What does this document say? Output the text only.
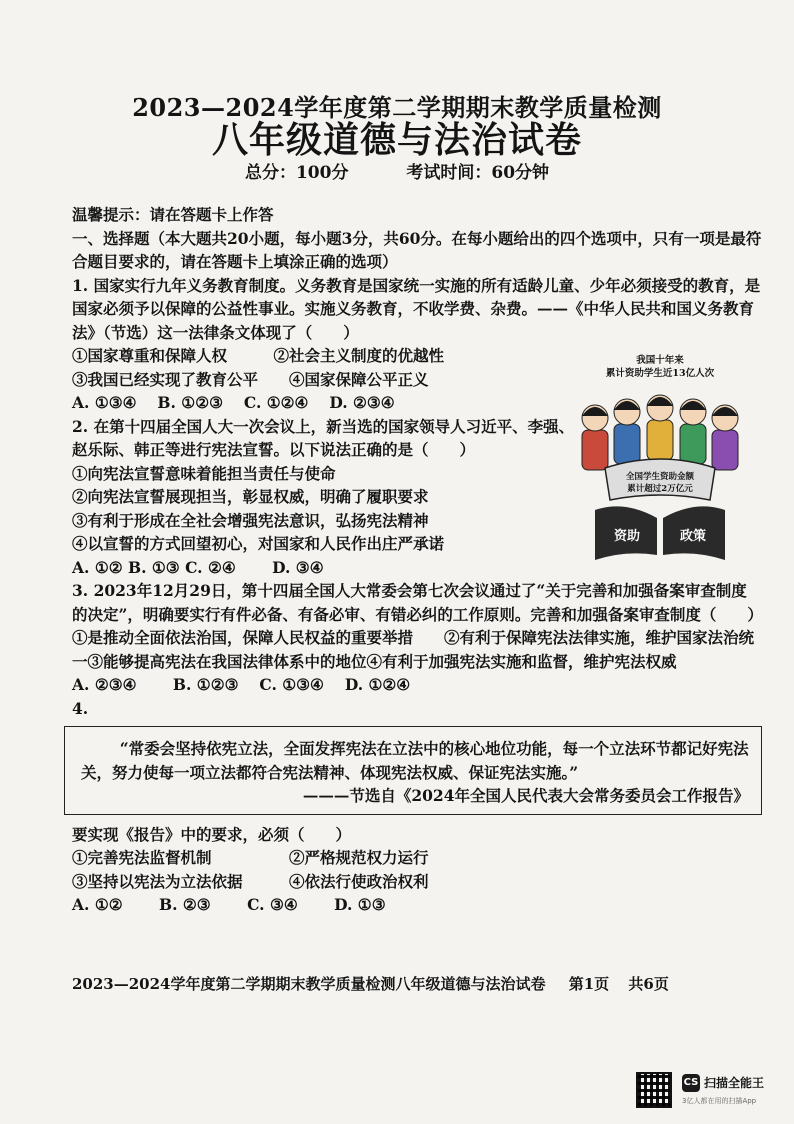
2023—2024学年度第二学期期末教学质量检测
八年级道德与法治试卷
总分：100分	考试时间：60分钟

温馨提示：请在答题卡上作答

一、选择题（本大题共20小题，每小题3分，共60分。在每小题给出的四个选项中，只有一项是最符合题目要求的，请在答题卡上填涂正确的选项）

1. 国家实行九年义务教育制度。义务教育是国家统一实施的所有适龄儿童、少年必须接受的教育，是国家必须予以保障的公益性事业。实施义务教育，不收学费、杂费。——《中华人民共和国义务教育法》（节选）这一法律条文体现了（　　）

①国家尊重和保障人权　　　②社会主义制度的优越性

③我国已经实现了教育公平　　④国家保障公平正义

A. ①③④　 B. ①②③　 C. ①②④　 D. ②③④

2. 在第十四届全国人大一次会议上，新当选的国家领导人习近平、李强、赵乐际、韩正等进行宪法宣誓。以下说法正确的是（　　）

①向宪法宣誓意味着能担当责任与使命

②向宪法宣誓展现担当，彰显权威，明确了履职要求

③有利于形成在全社会增强宪法意识，弘扬宪法精神

④以宣誓的方式回望初心，对国家和人民作出庄严承诺

A. ①② B. ①③ C. ②④　　 D. ③④

3. 2023年12月29日，第十四届全国人大常委会第七次会议通过了“关于完善和加强备案审查制度的决定”，明确要实行有件必备、有备必审、有错必纠的工作原则。完善和加强备案审查制度（　　）

①是推动全面依法治国，保障人民权益的重要举措　　②有利于保障宪法法律实施，维护国家法治统一③能够提高宪法在我国法律体系中的地位④有利于加强宪法实施和监督，维护宪法权威

A. ②③④　　 B. ①②③　 C. ①③④　 D. ①②④

4.

“常委会坚持依宪立法，全面发挥宪法在立法中的核心地位功能，每一个立法环节都记好宪法关，努力使每一项立法都符合宪法精神、体现宪法权威、保证宪法实施。”

———节选自《2024年全国人民代表大会常务委员会工作报告》

要实现《报告》中的要求，必须（　　）

①完善宪法监督机制　　　　　②严格规范权力运行

③坚持以宪法为立法依据　　　④依法行使政治权利

A. ①②　　 B. ②③　　 C. ③④　　 D. ①③

我国十年来
累计资助学生近13亿人次
全国学生资助金额
累计超过2万亿元
资助	政策
2023—2024学年度第二学期期末教学质量检测八年级道德与法治试卷 第1页 共6页
CS 扫描全能王
3亿人都在用的扫描App
